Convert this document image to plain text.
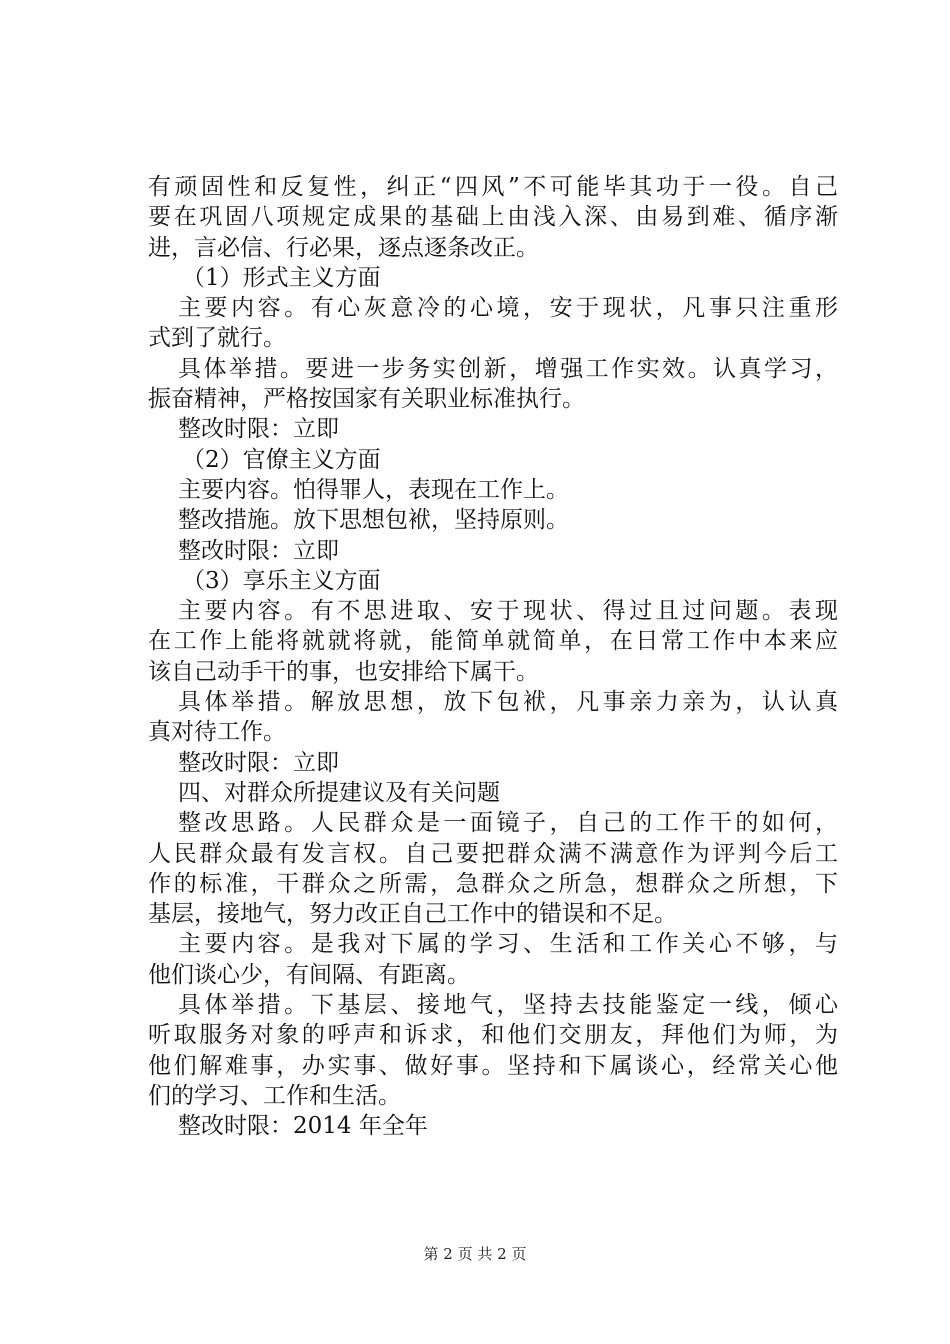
有顽固性和反复性，纠正“四风”不可能毕其功于一役。自己
要在巩固八项规定成果的基础上由浅入深、由易到难、循序渐
进，言必信、行必果，逐点逐条改正。
（1）形式主义方面
主要内容。有心灰意冷的心境，安于现状，凡事只注重形
式到了就行。
具体举措。要进一步务实创新，增强工作实效。认真学习，
振奋精神，严格按国家有关职业标准执行。
整改时限：立即
（2）官僚主义方面
主要内容。怕得罪人，表现在工作上。
整改措施。放下思想包袱，坚持原则。
整改时限：立即
（3）享乐主义方面
主要内容。有不思进取、安于现状、得过且过问题。表现
在工作上能将就就将就，能简单就简单，在日常工作中本来应
该自己动手干的事，也安排给下属干。
具体举措。解放思想，放下包袱，凡事亲力亲为，认认真
真对待工作。
整改时限：立即
四、对群众所提建议及有关问题
整改思路。人民群众是一面镜子，自己的工作干的如何，
人民群众最有发言权。自己要把群众满不满意作为评判今后工
作的标准，干群众之所需，急群众之所急，想群众之所想，下
基层，接地气，努力改正自己工作中的错误和不足。
主要内容。是我对下属的学习、生活和工作关心不够，与
他们谈心少，有间隔、有距离。
具体举措。下基层、接地气，坚持去技能鉴定一线，倾心
听取服务对象的呼声和诉求，和他们交朋友，拜他们为师，为
他们解难事，办实事、做好事。坚持和下属谈心，经常关心他
们的学习、工作和生活。
整改时限：2014 年全年
第 2 页 共 2 页
